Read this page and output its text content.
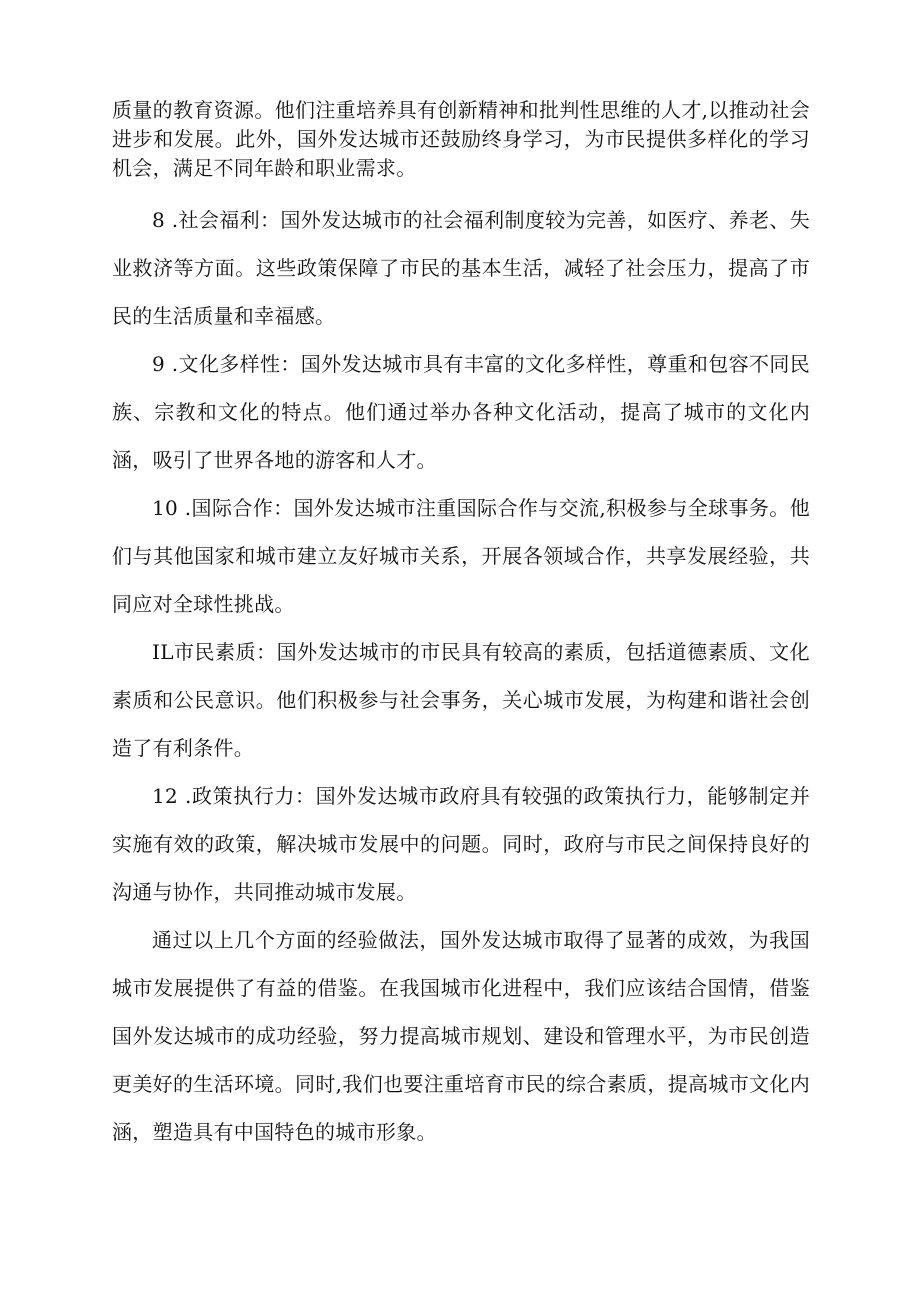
质量的教育资源。他们注重培养具有创新精神和批判性思维的人才,以推动社会进步和发展。此外，国外发达城市还鼓励终身学习，为市民提供多样化的学习机会，满足不同年龄和职业需求。

8 .社会福利：国外发达城市的社会福利制度较为完善，如医疗、养老、失业救济等方面。这些政策保障了市民的基本生活，减轻了社会压力，提高了市民的生活质量和幸福感。

9 .文化多样性：国外发达城市具有丰富的文化多样性，尊重和包容不同民族、宗教和文化的特点。他们通过举办各种文化活动，提高了城市的文化内涵，吸引了世界各地的游客和人才。

10 .国际合作：国外发达城市注重国际合作与交流,积极参与全球事务。他们与其他国家和城市建立友好城市关系，开展各领域合作，共享发展经验，共同应对全球性挑战。

IL市民素质：国外发达城市的市民具有较高的素质，包括道德素质、文化素质和公民意识。他们积极参与社会事务，关心城市发展，为构建和谐社会创造了有利条件。

12 .政策执行力：国外发达城市政府具有较强的政策执行力，能够制定并实施有效的政策，解决城市发展中的问题。同时，政府与市民之间保持良好的沟通与协作，共同推动城市发展。

通过以上几个方面的经验做法，国外发达城市取得了显著的成效，为我国城市发展提供了有益的借鉴。在我国城市化进程中，我们应该结合国情，借鉴国外发达城市的成功经验，努力提高城市规划、建设和管理水平，为市民创造更美好的生活环境。同时,我们也要注重培育市民的综合素质，提高城市文化内涵，塑造具有中国特色的城市形象。
